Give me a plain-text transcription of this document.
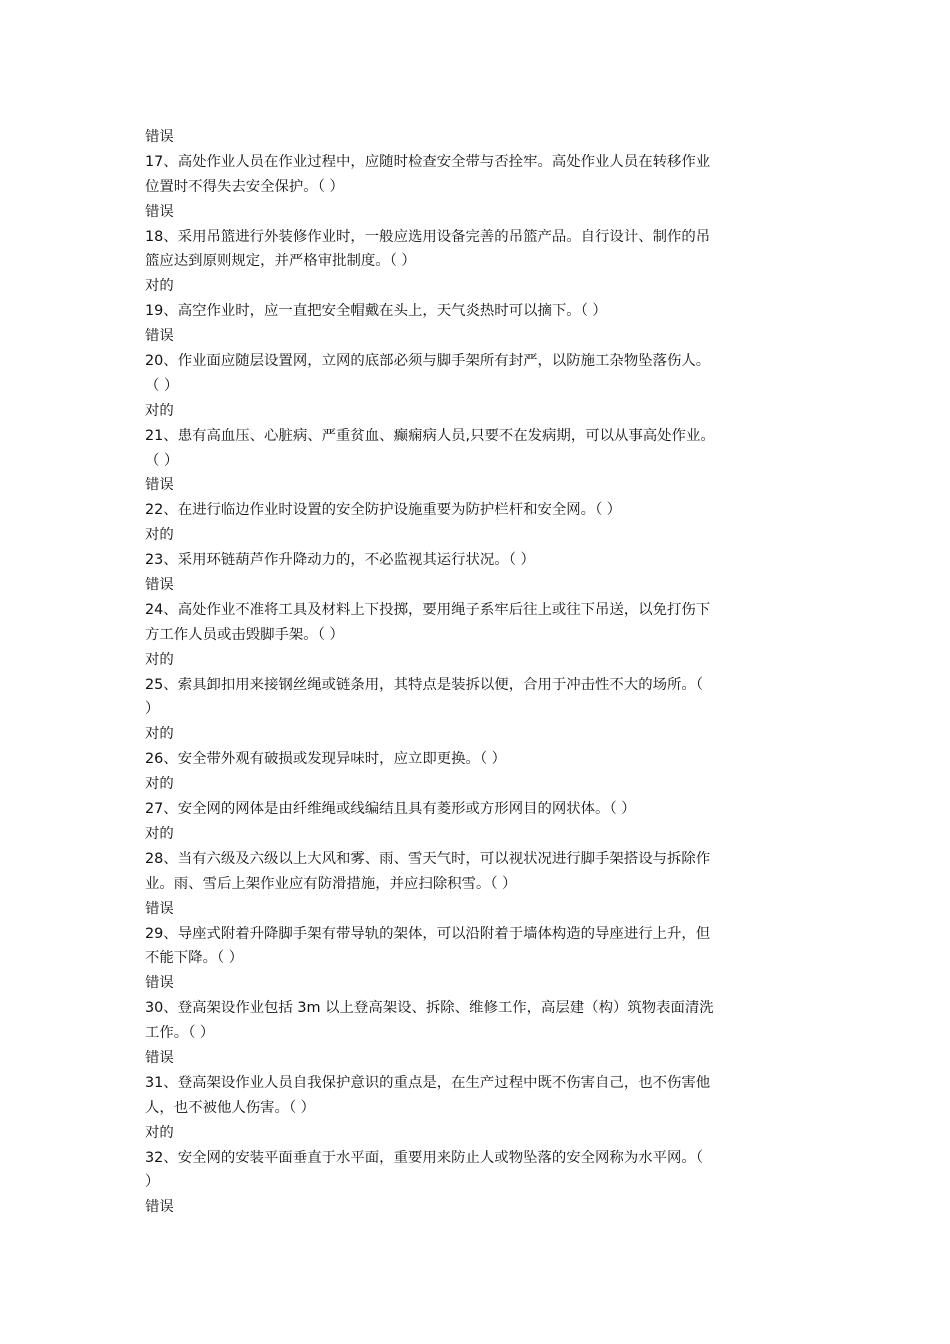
错误
17、高处作业人员在作业过程中，应随时检查安全带与否拴牢。高处作业人员在转移作业
位置时不得失去安全保护。（ ）
错误
18、采用吊篮进行外装修作业时，一般应选用设备完善的吊篮产品。自行设计、制作的吊
篮应达到原则规定，并严格审批制度。（ ）
对的
19、高空作业时，应一直把安全帽戴在头上，天气炎热时可以摘下。（ ）
错误
20、作业面应随层设置网，立网的底部必须与脚手架所有封严，以防施工杂物坠落伤人。
（ ）
对的
21、患有高血压、心脏病、严重贫血、癫痫病人员,只要不在发病期，可以从事高处作业。
（ ）
错误
22、在进行临边作业时设置的安全防护设施重要为防护栏杆和安全网。（ ）
对的
23、采用环链葫芦作升降动力的，不必监视其运行状况。（ ）
错误
24、高处作业不准将工具及材料上下投掷，要用绳子系牢后往上或往下吊送，以免打伤下
方工作人员或击毁脚手架。（ ）
对的
25、索具卸扣用来接钢丝绳或链条用，其特点是装拆以便，合用于冲击性不大的场所。（
）
对的
26、安全带外观有破损或发现异味时，应立即更换。（ ）
对的
27、安全网的网体是由纤维绳或线编结且具有菱形或方形网目的网状体。（ ）
对的
28、当有六级及六级以上大风和雾、雨、雪天气时，可以视状况进行脚手架搭设与拆除作
业。雨、雪后上架作业应有防滑措施，并应扫除积雪。（ ）
错误
29、导座式附着升降脚手架有带导轨的架体，可以沿附着于墙体构造的导座进行上升，但
不能下降。（ ）
错误
30、登高架设作业包括 3m 以上登高架设、拆除、维修工作，高层建（构）筑物表面清洗
工作。（ ）
错误
31、登高架设作业人员自我保护意识的重点是，在生产过程中既不伤害自己，也不伤害他
人，也不被他人伤害。（ ）
对的
32、安全网的安装平面垂直于水平面，重要用来防止人或物坠落的安全网称为水平网。（
）
错误
